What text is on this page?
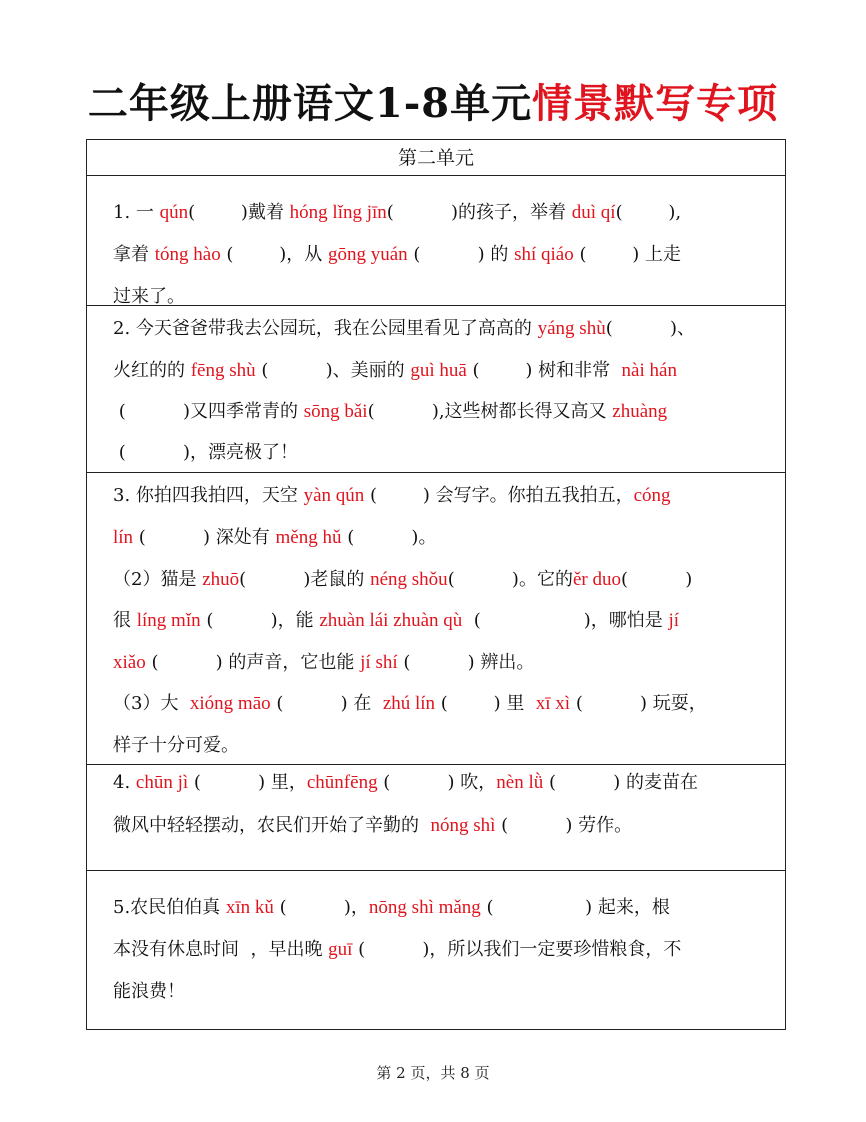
二年级上册语文1-8单元情景默写专项
第二单元
1. 一 qún(        )戴着 hóng lǐng jīn(          )的孩子，举着 duì qí(        ),
拿着 tóng hào (        )，从 gōng yuán (          ) 的 shí qiáo (        ) 上走
过来了。
2. 今天爸爸带我去公园玩，我在公园里看见了高高的 yáng shù(          )、
火红的的 fēng shù (          )、美丽的 guì huā (        ) 树和非常  nài hán
(          )又四季常青的 sōng bǎi(          ),这些树都长得又高又 zhuàng
(          )，漂亮极了！
3. 你拍四我拍四，天空 yàn qún (        ) 会写字。你拍五我拍五，cóng
lín (          ) 深处有 měng hǔ (          )。
（2）猫是 zhuō(          )老鼠的 néng shǒu(          )。它的ěr duo(          )
很 líng mǐn (          )，能 zhuàn lái zhuàn qù  (                  )，哪怕是 jí
xiǎo (          ) 的声音，它也能 jí shí (          ) 辨出。
（3）大  xióng māo (          ) 在  zhú lín (        ) 里  xī xì (          ) 玩耍，
样子十分可爱。
4. chūn jì (          ) 里，chūnfēng (          ) 吹，nèn lǜ (          ) 的麦苗在
微风中轻轻摆动，农民们开始了辛勤的  nóng shì (          ) 劳作。
5.农民伯伯真 xīn kǔ (          )，nōng shì mǎng (                ) 起来，根
本没有休息时间  ，早出晚 guī (          )，所以我们一定要珍惜粮食，不
能浪费！
第 2 页，共 8 页
